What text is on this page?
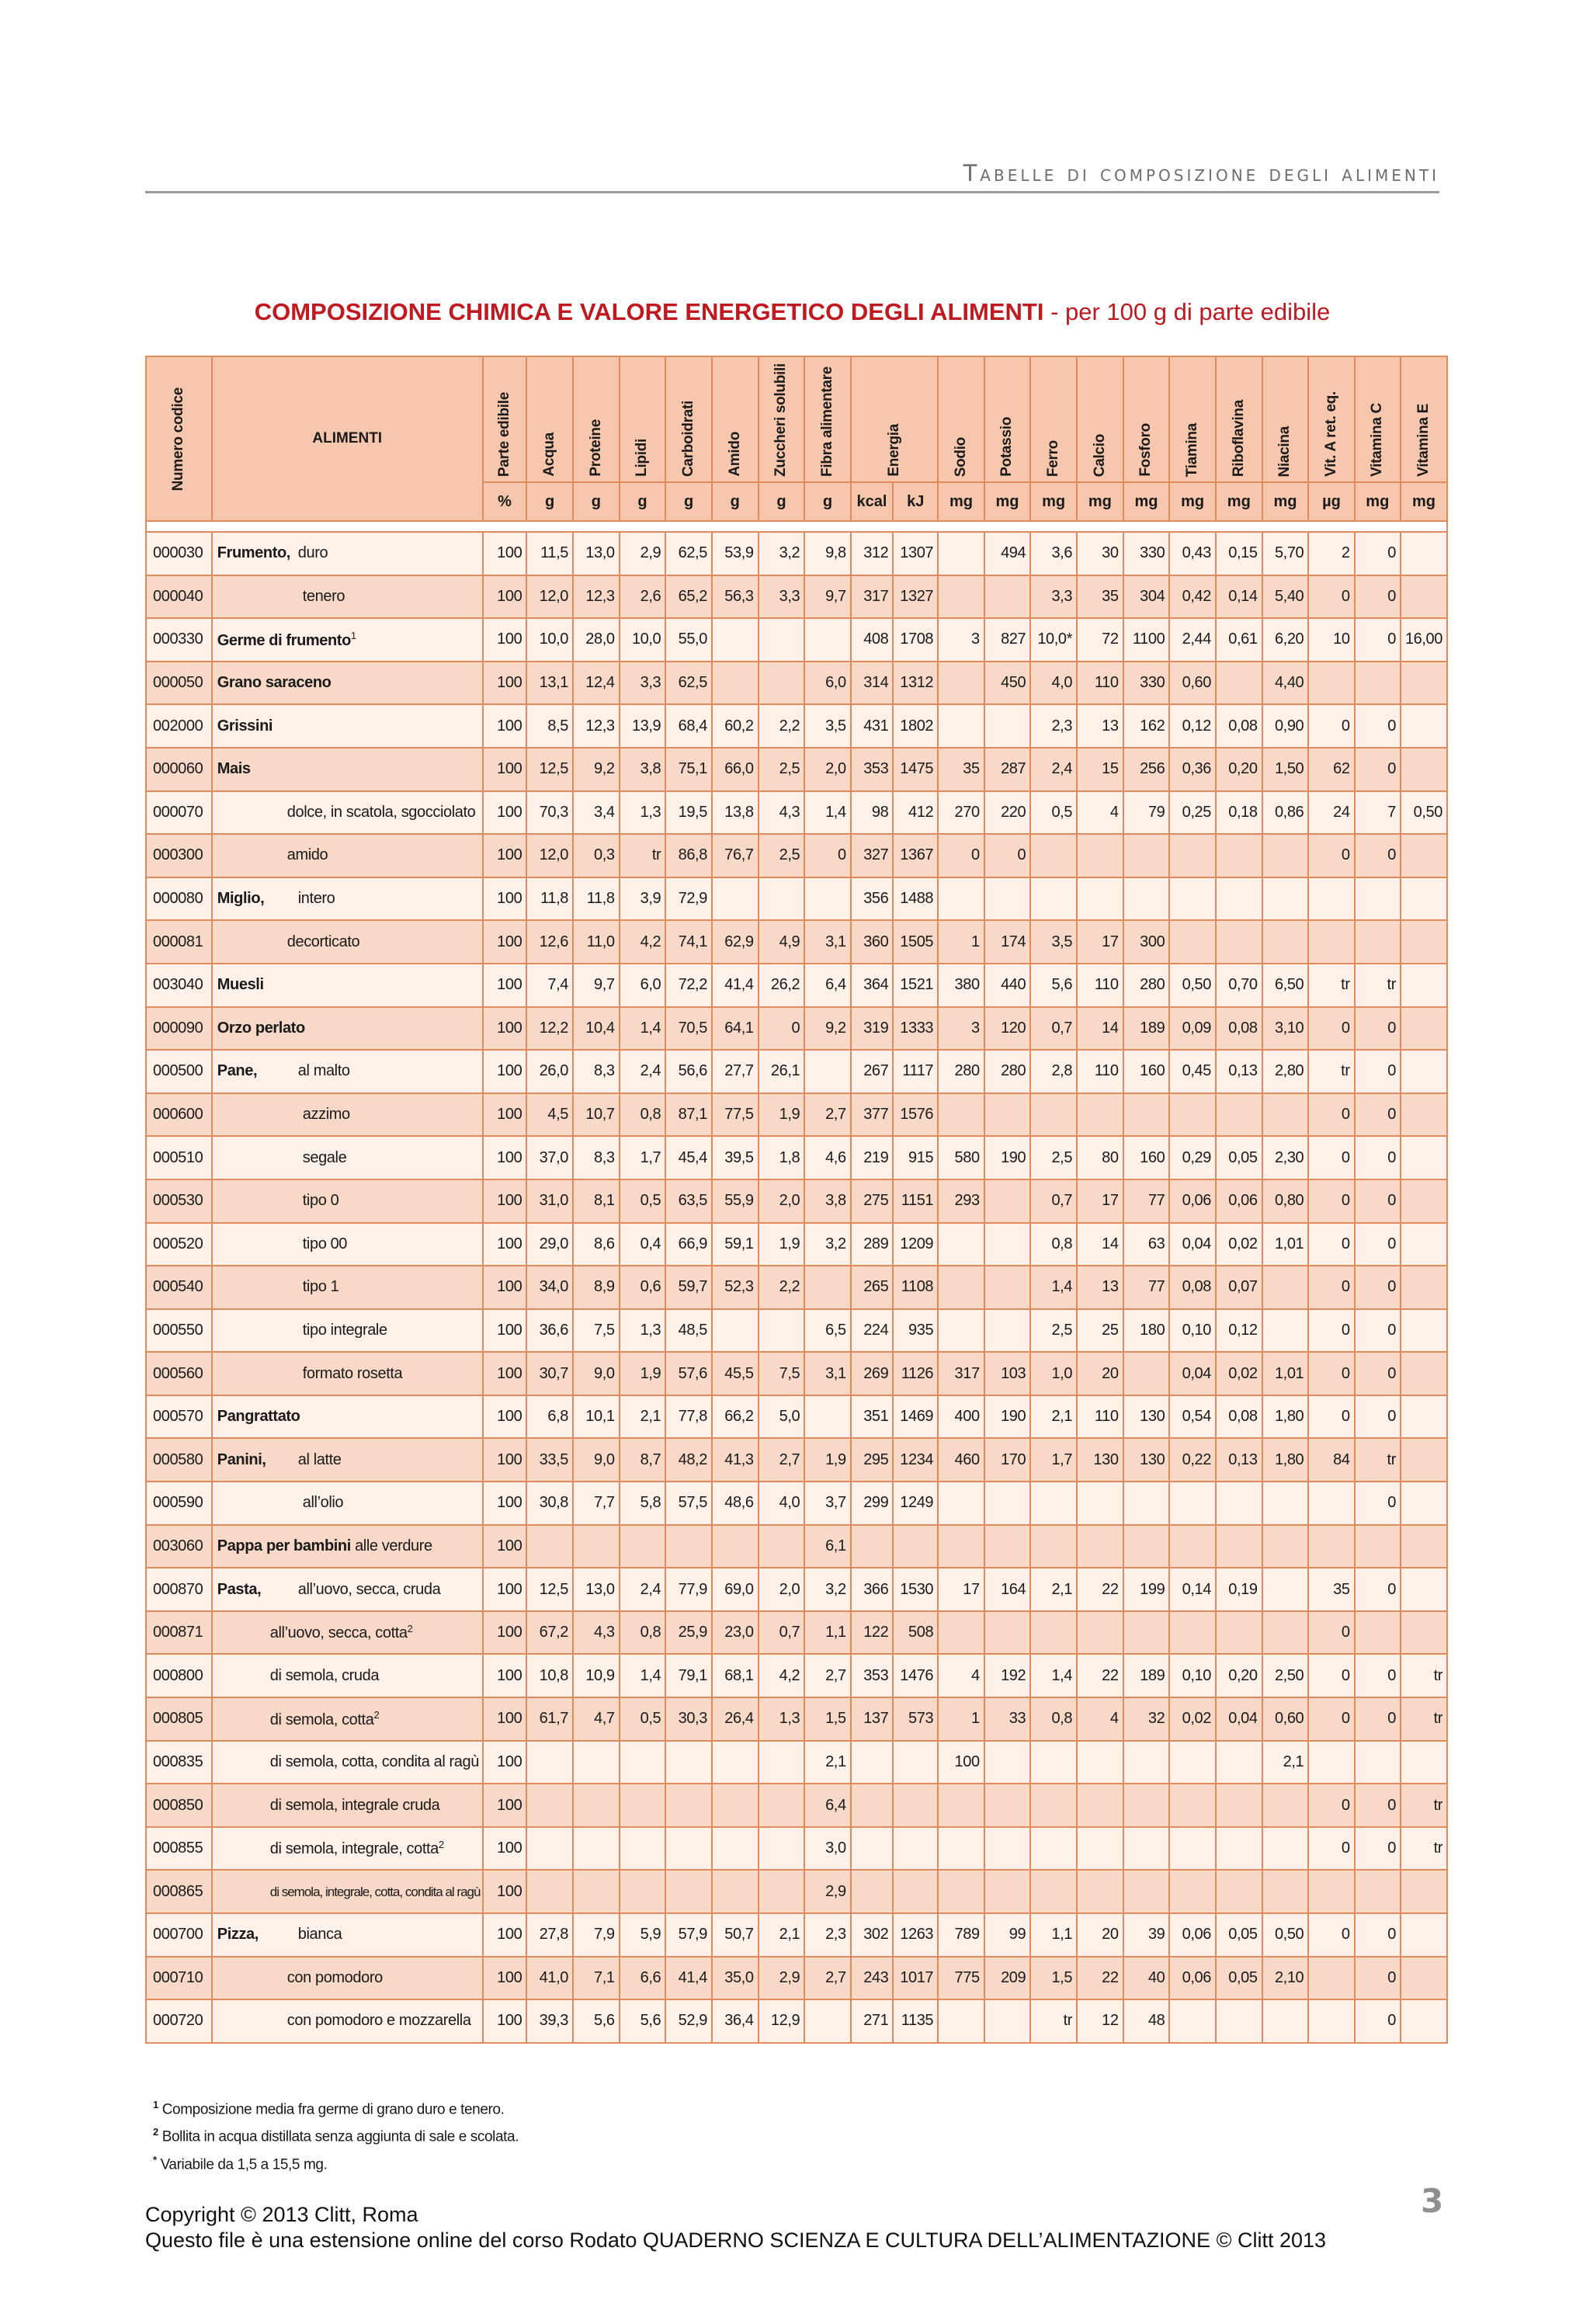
Tabelle di composizione degli alimenti
COMPOSIZIONE CHIMICA E VALORE ENERGETICO DEGLI ALIMENTI - per 100 g di parte edibile
Numero codice	ALIMENTI	Parte edibile	Acqua	Proteine	Lipidi	Carboidrati	Amido	Zuccheri solubili	Fibra alimentare	Energia		Sodio	Potassio	Ferro	Calcio	Fosforo	Tiamina	Riboflavina	Niacina	Vit. A ret. eq.	Vitamina C	Vitamina E
		%	g	g	g	g	g	g	g	kcal	kJ	mg	mg	mg	mg	mg	mg	mg	mg	µg	mg	mg

000030	Frumento, duro	100	11,5	13,0	2,9	62,5	53,9	3,2	9,8	312	1307		494	3,6	30	330	0,43	0,15	5,70	2	0	
000040	tenero	100	12,0	12,3	2,6	65,2	56,3	3,3	9,7	317	1327			3,3	35	304	0,42	0,14	5,40	0	0	
000330	Germe di frumento$^1$	100	10,0	28,0	10,0	55,0				408	1708	3	827	10,0*	72	1100	2,44	0,61	6,20	10	0	16,00
000050	Grano saraceno	100	13,1	12,4	3,3	62,5			6,0	314	1312		450	4,0	110	330	0,60		4,40			
002000	Grissini	100	8,5	12,3	13,9	68,4	60,2	2,2	3,5	431	1802			2,3	13	162	0,12	0,08	0,90	0	0	
000060	Mais	100	12,5	9,2	3,8	75,1	66,0	2,5	2,0	353	1475	35	287	2,4	15	256	0,36	0,20	1,50	62	0	
000070	dolce, in scatola, sgocciolato	100	70,3	3,4	1,3	19,5	13,8	4,3	1,4	98	412	270	220	0,5	4	79	0,25	0,18	0,86	24	7	0,50
000300	amido	100	12,0	0,3	tr	86,8	76,7	2,5	0	327	1367	0	0							0	0	
000080	Miglio, intero	100	11,8	11,8	3,9	72,9				356	1488											
000081	decorticato	100	12,6	11,0	4,2	74,1	62,9	4,9	3,1	360	1505	1	174	3,5	17	300						
003040	Muesli	100	7,4	9,7	6,0	72,2	41,4	26,2	6,4	364	1521	380	440	5,6	110	280	0,50	0,70	6,50	tr	tr	
000090	Orzo perlato	100	12,2	10,4	1,4	70,5	64,1	0	9,2	319	1333	3	120	0,7	14	189	0,09	0,08	3,10	0	0	
000500	Pane, al malto	100	26,0	8,3	2,4	56,6	27,7	26,1		267	1117	280	280	2,8	110	160	0,45	0,13	2,80	tr	0	
000600	azzimo	100	4,5	10,7	0,8	87,1	77,5	1,9	2,7	377	1576									0	0	
000510	segale	100	37,0	8,3	1,7	45,4	39,5	1,8	4,6	219	915	580	190	2,5	80	160	0,29	0,05	2,30	0	0	
000530	tipo 0	100	31,0	8,1	0,5	63,5	55,9	2,0	3,8	275	1151	293		0,7	17	77	0,06	0,06	0,80	0	0	
000520	tipo 00	100	29,0	8,6	0,4	66,9	59,1	1,9	3,2	289	1209			0,8	14	63	0,04	0,02	1,01	0	0	
000540	tipo 1	100	34,0	8,9	0,6	59,7	52,3	2,2		265	1108			1,4	13	77	0,08	0,07		0	0	
000550	tipo integrale	100	36,6	7,5	1,3	48,5			6,5	224	935			2,5	25	180	0,10	0,12		0	0	
000560	formato rosetta	100	30,7	9,0	1,9	57,6	45,5	7,5	3,1	269	1126	317	103	1,0	20		0,04	0,02	1,01	0	0	
000570	Pangrattato	100	6,8	10,1	2,1	77,8	66,2	5,0		351	1469	400	190	2,1	110	130	0,54	0,08	1,80	0	0	
000580	Panini, al latte	100	33,5	9,0	8,7	48,2	41,3	2,7	1,9	295	1234	460	170	1,7	130	130	0,22	0,13	1,80	84	tr	
000590	all’olio	100	30,8	7,7	5,8	57,5	48,6	4,0	3,7	299	1249										0	
003060	Pappa per bambini alle verdure	100							6,1													
000870	Pasta, all’uovo, secca, cruda	100	12,5	13,0	2,4	77,9	69,0	2,0	3,2	366	1530	17	164	2,1	22	199	0,14	0,19		35	0	
000871	all’uovo, secca, cotta$^2$	100	67,2	4,3	0,8	25,9	23,0	0,7	1,1	122	508									0		
000800	di semola, cruda	100	10,8	10,9	1,4	79,1	68,1	4,2	2,7	353	1476	4	192	1,4	22	189	0,10	0,20	2,50	0	0	tr
000805	di semola, cotta$^2$	100	61,7	4,7	0,5	30,3	26,4	1,3	1,5	137	573	1	33	0,8	4	32	0,02	0,04	0,60	0	0	tr
000835	di semola, cotta, condita al ragù	100							2,1			100							2,1			
000850	di semola, integrale cruda	100							6,4											0	0	tr
000855	di semola, integrale, cotta$^2$	100							3,0											0	0	tr
000865	di semola, integrale, cotta, condita al ragù	100							2,9													
000700	Pizza, bianca	100	27,8	7,9	5,9	57,9	50,7	2,1	2,3	302	1263	789	99	1,1	20	39	0,06	0,05	0,50	0	0	
000710	con pomodoro	100	41,0	7,1	6,6	41,4	35,0	2,9	2,7	243	1017	775	209	1,5	22	40	0,06	0,05	2,10		0	
000720	con pomodoro e mozzarella	100	39,3	5,6	5,6	52,9	36,4	12,9		271	1135			tr	12	48					0	
$^1$ Composizione media fra germe di grano duro e tenero.
$^2$ Bollita in acqua distillata senza aggiunta di sale e scolata.
* Variabile da 1,5 a 15,5 mg.
Copyright © 2013 Clitt, Roma
Questo file è una estensione online del corso Rodato QUADERNO SCIENZA E CULTURA DELL’ALIMENTAZIONE © Clitt 2013
3
